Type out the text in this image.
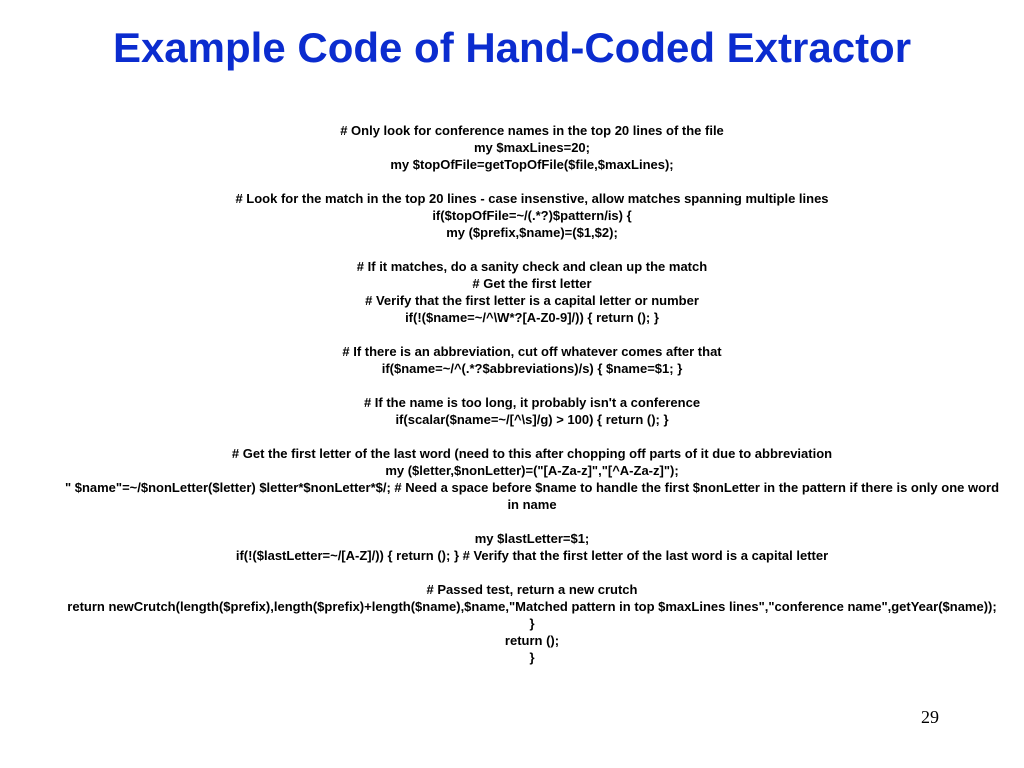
Example Code of Hand-Coded Extractor
# Only look for conference names in the top 20 lines of the file
my $maxLines=20;
my $topOfFile=getTopOfFile($file,$maxLines);
# Look for the match in the top 20 lines - case insenstive, allow matches spanning multiple lines
if($topOfFile=~/(.*?)$pattern/is) {
my ($prefix,$name)=($1,$2);
# If it matches, do a sanity check and clean up the match
# Get the first letter
# Verify that the first letter is a capital letter or number
if(!($name=~/^\W*?[A-Z0-9]/)) { return (); }
# If there is an abbreviation, cut off whatever comes after that
if($name=~/^(.*?$abbreviations)/s) { $name=$1; }
# If the name is too long, it probably isn't a conference
if(scalar($name=~/[^\s]/g) > 100) { return (); }
# Get the first letter of the last word (need to this after chopping off parts of it due to abbreviation
my ($letter,$nonLetter)=("[A-Za-z]","[^A-Za-z]");
" $name"=~/$nonLetter($letter) $letter*$nonLetter*$/; # Need a space before $name to handle the first $nonLetter in the pattern if there is only one word in name
my $lastLetter=$1;
if(!($lastLetter=~/[A-Z]/)) { return (); } # Verify that the first letter of the last word is a capital letter
# Passed test, return a new crutch
return newCrutch(length($prefix),length($prefix)+length($name),$name,"Matched pattern in top $maxLines lines","conference name",getYear($name));
}
return ();
}
29
